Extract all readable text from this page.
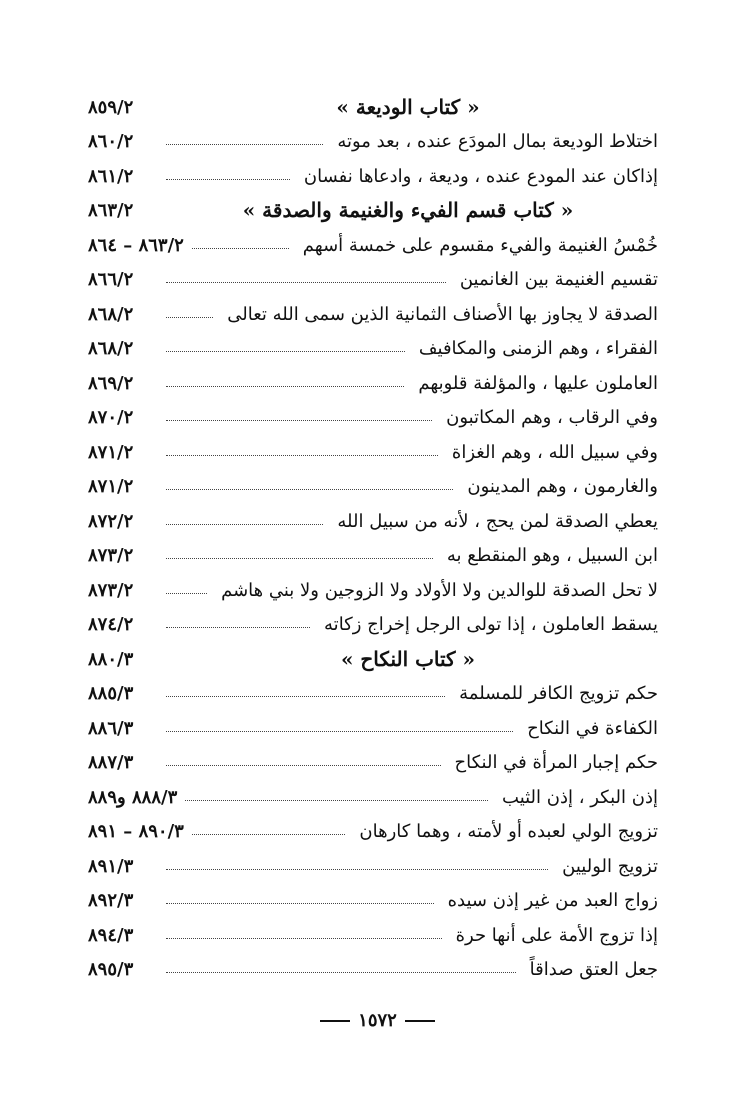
« كتاب الوديعة »
٨٥٩/٢
اختلاط الوديعة بمال المودَع عنده ، بعد موته
٨٦٠/٢
إذاكان عند المودع عنده ، وديعة ، وادعاها نفسان
٨٦١/٢
« كتاب قسم الفيء والغنيمة والصدقة »
٨٦٣/٢
خُمْسُ الغنيمة والفيء مقسوم على خمسة أسهم
٨٦٣/٢ – ٨٦٤
تقسيم الغنيمة بين الغانمين
٨٦٦/٢
الصدقة لا يجاوز بها الأصناف الثمانية الذين سمى الله تعالى
٨٦٨/٢
الفقراء ، وهم الزمنى والمكافيف
٨٦٨/٢
العاملون عليها ، والمؤلفة قلوبهم
٨٦٩/٢
وفي الرقاب ، وهم المكاتبون
٨٧٠/٢
وفي سبيل الله ، وهم الغزاة
٨٧١/٢
والغارمون ، وهم المدينون
٨٧١/٢
يعطي الصدقة لمن يحج ، لأنه من سبيل الله
٨٧٢/٢
ابن السبيل ، وهو المنقطع به
٨٧٣/٢
لا تحل الصدقة للوالدين ولا الأولاد ولا الزوجين ولا بني هاشم
٨٧٣/٢
يسقط العاملون ، إذا تولى الرجل إخراج زكاته
٨٧٤/٢
« كتاب النكاح »
٨٨٠/٣
حكم تزويج الكافر للمسلمة
٨٨٥/٣
الكفاءة في النكاح
٨٨٦/٣
حكم إجبار المرأة في النكاح
٨٨٧/٣
إذن البكر ، إذن الثيب
٨٨٨/٣ و٨٨٩
تزويج الولي لعبده أو لأمته ، وهما كارهان
٨٩٠/٣ – ٨٩١
تزويج الوليين
٨٩١/٣
زواج العبد من غير إذن سيده
٨٩٢/٣
إذا تزوج الأمة على أنها حرة
٨٩٤/٣
جعل العتق صداقاً
٨٩٥/٣
١٥٧٢
